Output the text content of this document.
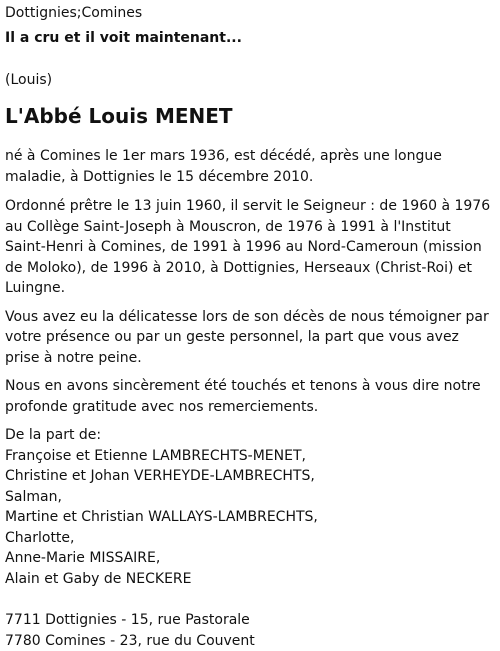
Dottignies;Comines
Il a cru et il voit maintenant...
(Louis)
L'Abbé Louis MENET

né à Comines le 1er mars 1936, est décédé, après une longue maladie, à Dottignies le 15 décembre 2010.

Ordonné prêtre le 13 juin 1960, il servit le Seigneur : de 1960 à 1976 au Collège Saint-Joseph à Mouscron, de 1976 à 1991 à l'Institut Saint-Henri à Comines, de 1991 à 1996 au Nord-Cameroun (mission de Moloko), de 1996 à 2010, à Dottignies, Herseaux (Christ-Roi) et Luingne.

Vous avez eu la délicatesse lors de son décès de nous témoigner par votre présence ou par un geste personnel, la part que vous avez prise à notre peine.

Nous en avons sincèrement été touchés et tenons à vous dire notre profonde gratitude avec nos remerciements.

De la part de:
Françoise et Etienne LAMBRECHTS-MENET,
Christine et Johan VERHEYDE-LAMBRECHTS,
Salman,
Martine et Christian WALLAYS-LAMBRECHTS,
Charlotte,
Anne-Marie MISSAIRE,
Alain et Gaby de NECKERE
7711 Dottignies - 15, rue Pastorale
7780 Comines - 23, rue du Couvent
